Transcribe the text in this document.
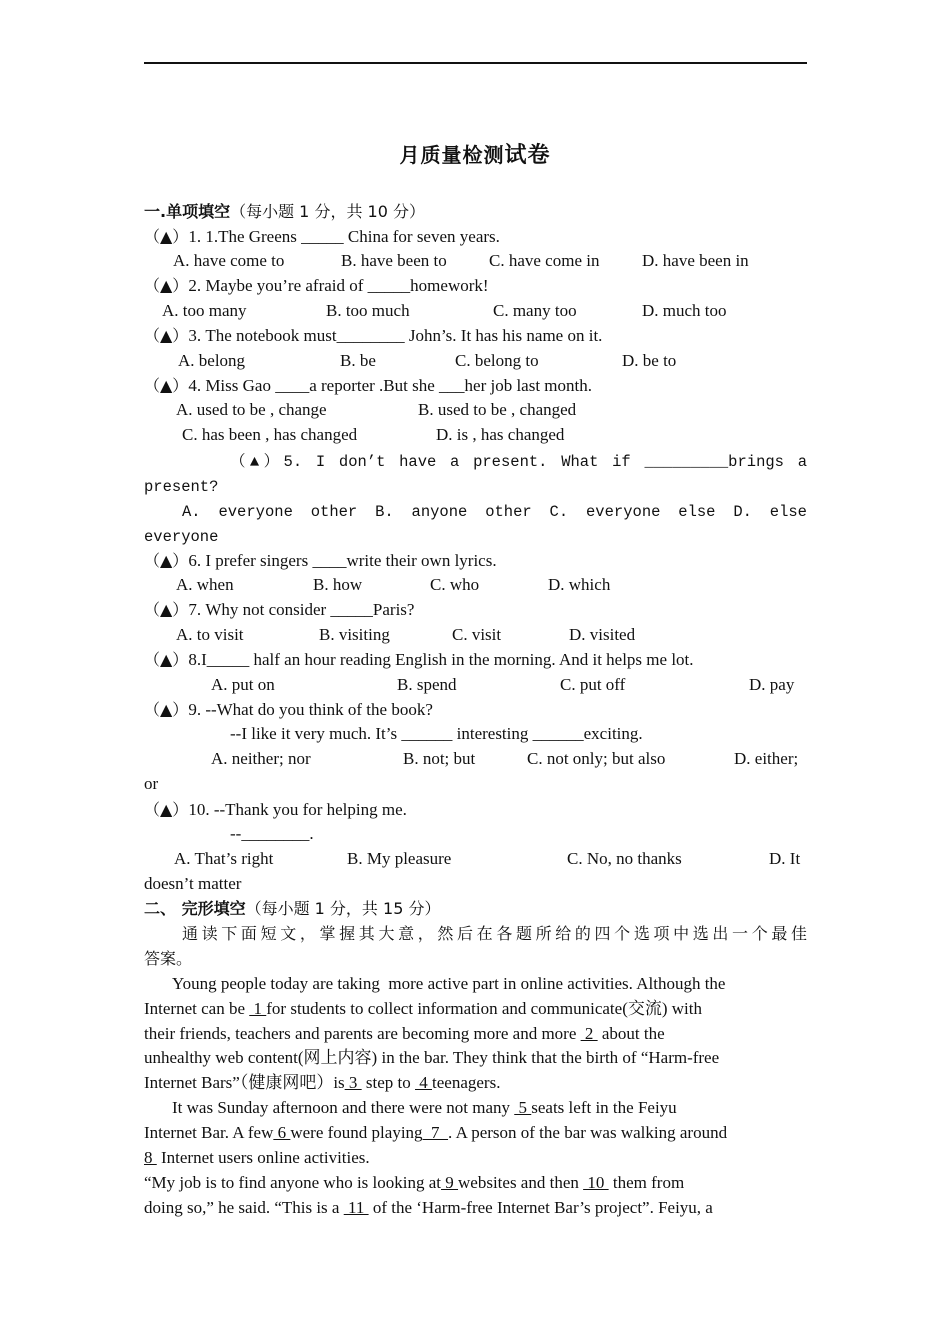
月质量检测试卷
一.单项填空（每小题 1 分，共 10 分）
（▲）1. 1.The Greens _____ China for seven years.

A. have come to

	B. have been to

C. have come in

	D. have been in

（▲）2. Maybe you’re afraid of _____homework!

A. too many

	B. too much

	C. many too

	D. much too

（▲）3. The notebook must________ John’s. It has his name on it.

A. belong

	B. be

	C. belong to

	D. be to

（▲）4. Miss Gao ____a reporter .But she ___her job last month.

A. used to be , change

	B. used to be , changed

C. has been , has changed

	D. is , has changed

（▲）5. I don’t have a present. What if _________brings a
present?
A. everyone other B. anyone other C. everyone else D. else
everyone
（▲）6. I prefer singers ____write their own lyrics.

A. when

	B. how

	C. who

	D. which

（▲）7. Why not consider _____Paris?

A. to visit

	B. visiting

	C. visit

	D. visited

（▲）8.I_____ half an hour reading English in the morning. And it helps me lot.

A. put on

	B. spend

	C. put off

	D. pay

（▲）9. --What do you think of the book?
--I like it very much. It’s ______ interesting ______exciting.

A. neither; nor

	B. not; but

	C. not only; but also

	D. either;

or
（▲）10. --Thank you for helping me.
--________.

A. That’s right

	B. My pleasure

	C. No, no thanks

	D. It

doesn’t matter
二、 完形填空（每小题 1 分，共 15 分）
通读下面短文，掌握其大意，然后在各题所给的四个选项中选出一个最佳
答案。
Young people today are taking  more active part in online activities. Although the
Internet can be  1 for students to collect information and communicate(交流) with
their friends, teachers and parents are becoming more and more  2  about the
unhealthy web content(网上内容) in the bar. They think that the birth of “Harm-free
Internet Bars”（健康网吧）is 3  step to  4 teenagers.
It was Sunday afternoon and there were not many  5 seats left in the Feiyu
Internet Bar. A few 6 were found playing  7  . A person of the bar was walking around
8  Internet users online activities.
“My job is to find anyone who is looking at 9 websites and then  10  them from
doing so,” he said. “This is a  11  of the ‘Harm-free Internet Bar’s project”. Feiyu, a
